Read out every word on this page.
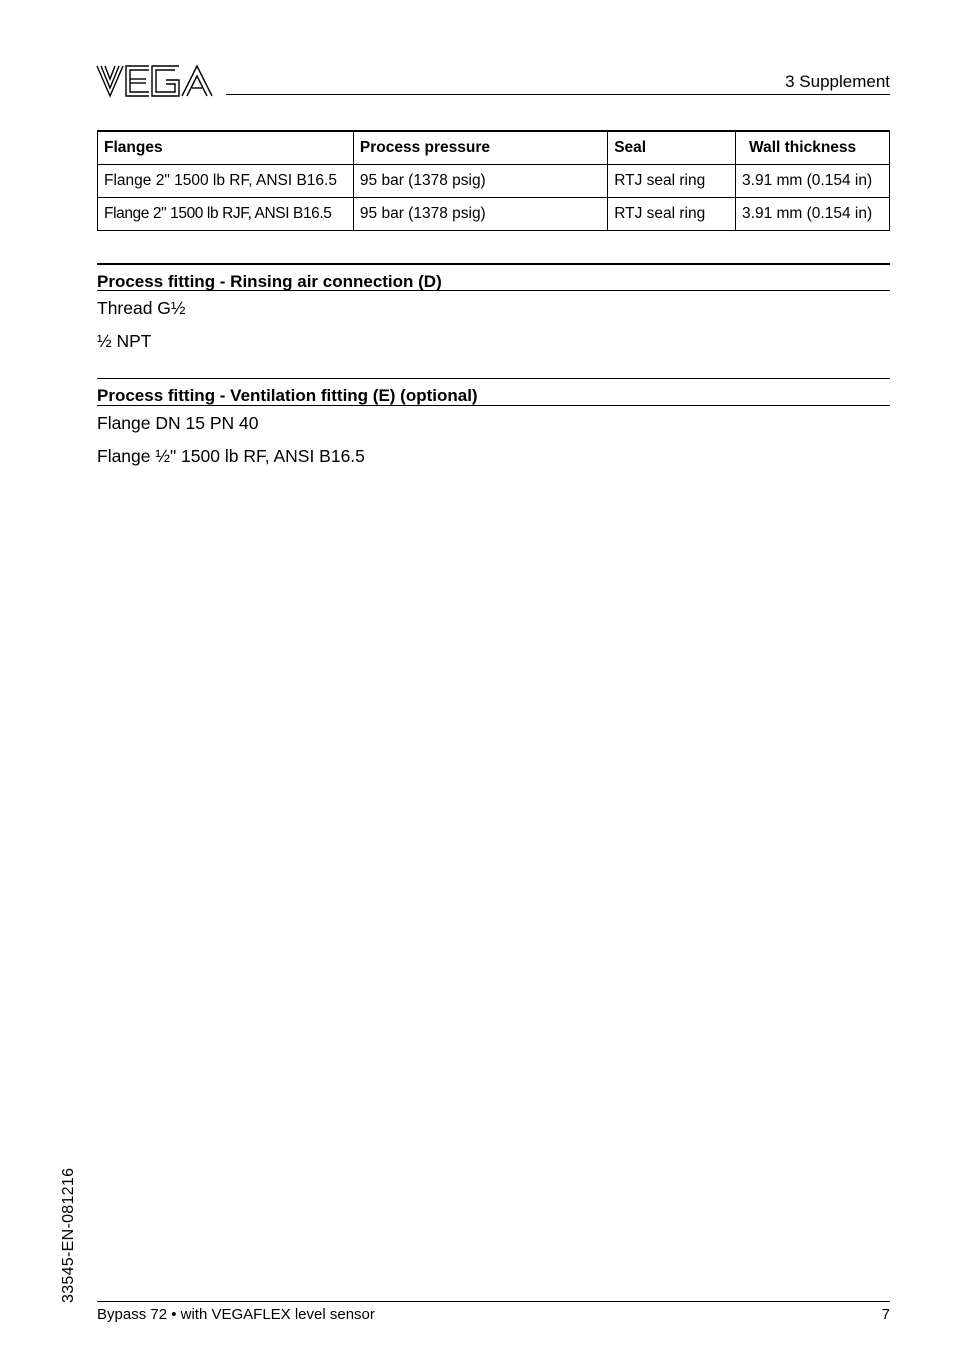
3 Supplement
Flanges	Process pressure	Seal	Wall thickness
Flange 2" 1500 lb RF, ANSI B16.5	95 bar (1378 psig)	RTJ seal ring	3.91 mm (0.154 in)
Flange 2" 1500 lb RJF, ANSI B16.5	95 bar (1378 psig)	RTJ seal ring	3.91 mm (0.154 in)
Process fitting - Rinsing air connection (D)
Thread G½
½ NPT
Process fitting - Ventilation fitting (E) (optional)
Flange DN 15 PN 40
Flange ½" 1500 lb RF, ANSI B16.5
33545-EN-081216
Bypass 72 • with VEGAFLEX level sensor	7
